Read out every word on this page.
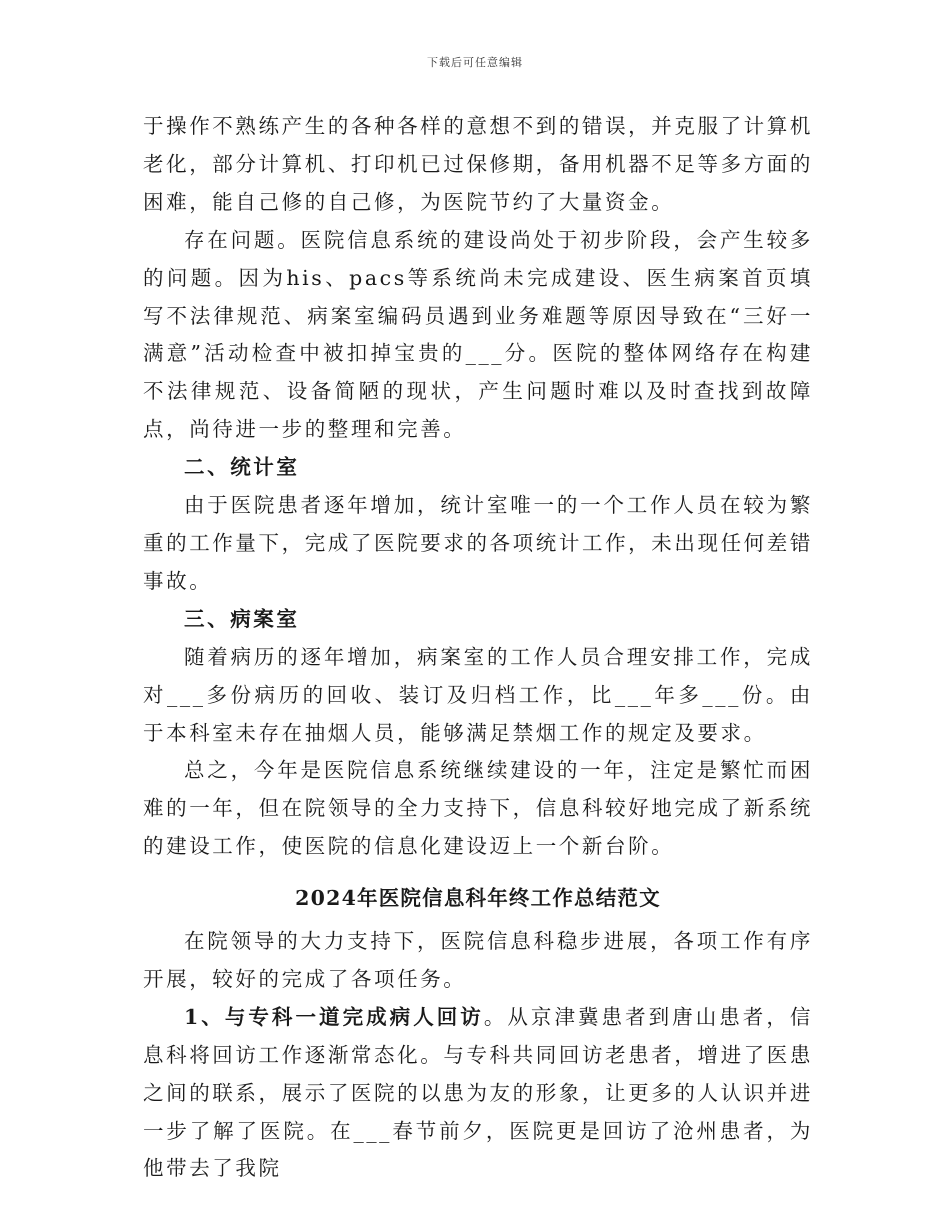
下载后可任意编辑

于操作不熟练产生的各种各样的意想不到的错误，并克服了计算机老化，部分计算机、打印机已过保修期，备用机器不足等多方面的困难，能自己修的自己修，为医院节约了大量资金。

存在问题。医院信息系统的建设尚处于初步阶段，会产生较多的问题。因为his、pacs等系统尚未完成建设、医生病案首页填写不法律规范、病案室编码员遇到业务难题等原因导致在“三好一满意”活动检查中被扣掉宝贵的___分。医院的整体网络存在构建不法律规范、设备简陋的现状，产生问题时难以及时查找到故障点，尚待进一步的整理和完善。

二、统计室

由于医院患者逐年增加，统计室唯一的一个工作人员在较为繁重的工作量下，完成了医院要求的各项统计工作，未出现任何差错事故。

三、病案室

随着病历的逐年增加，病案室的工作人员合理安排工作，完成对___多份病历的回收、装订及归档工作，比___年多___份。由于本科室未存在抽烟人员，能够满足禁烟工作的规定及要求。

总之，今年是医院信息系统继续建设的一年，注定是繁忙而困难的一年，但在院领导的全力支持下，信息科较好地完成了新系统的建设工作，使医院的信息化建设迈上一个新台阶。

2024年医院信息科年终工作总结范文

在院领导的大力支持下，医院信息科稳步进展，各项工作有序开展，较好的完成了各项任务。

1、与专科一道完成病人回访。从京津冀患者到唐山患者，信息科将回访工作逐渐常态化。与专科共同回访老患者，增进了医患之间的联系，展示了医院的以患为友的形象，让更多的人认识并进一步了解了医院。在___春节前夕，医院更是回访了沧州患者，为他带去了我院
